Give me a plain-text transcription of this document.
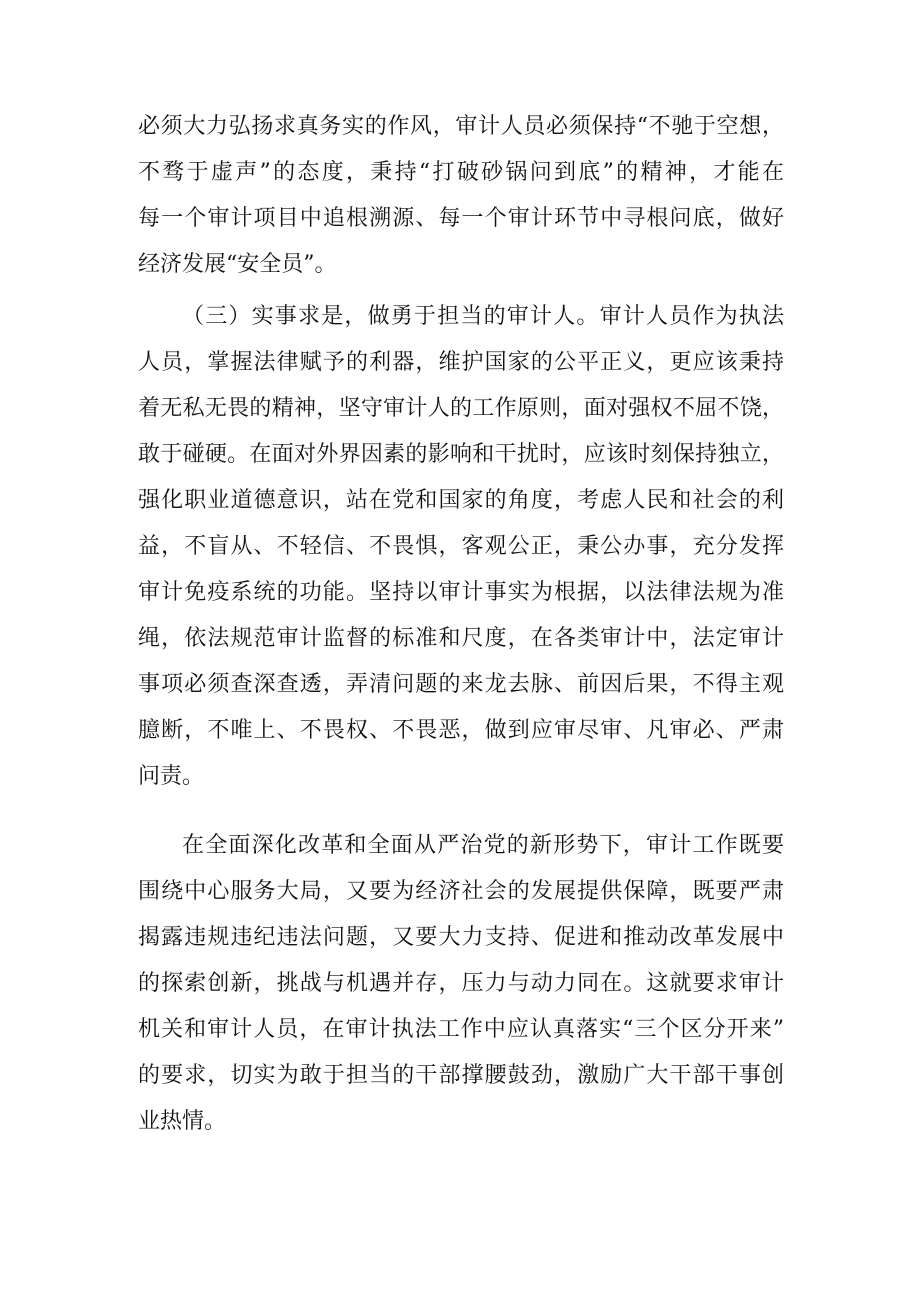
必须大力弘扬求真务实的作风，审计人员必须保持“不驰于空想，
不骛于虚声”的态度，秉持“打破砂锅问到底”的精神，才能在
每一个审计项目中追根溯源、每一个审计环节中寻根问底，做好
经济发展“安全员”。
（三）实事求是，做勇于担当的审计人。审计人员作为执法
人员，掌握法律赋予的利器，维护国家的公平正义，更应该秉持
着无私无畏的精神，坚守审计人的工作原则，面对强权不屈不饶，
敢于碰硬。在面对外界因素的影响和干扰时，应该时刻保持独立，
强化职业道德意识，站在党和国家的角度，考虑人民和社会的利
益，不盲从、不轻信、不畏惧，客观公正，秉公办事，充分发挥
审计免疫系统的功能。坚持以审计事实为根据，以法律法规为准
绳，依法规范审计监督的标准和尺度，在各类审计中，法定审计
事项必须查深查透，弄清问题的来龙去脉、前因后果，不得主观
臆断，不唯上、不畏权、不畏恶，做到应审尽审、凡审必、严肃
问责。
在全面深化改革和全面从严治党的新形势下，审计工作既要
围绕中心服务大局，又要为经济社会的发展提供保障，既要严肃
揭露违规违纪违法问题，又要大力支持、促进和推动改革发展中
的探索创新，挑战与机遇并存，压力与动力同在。这就要求审计
机关和审计人员，在审计执法工作中应认真落实“三个区分开来”
的要求，切实为敢于担当的干部撑腰鼓劲，激励广大干部干事创
业热情。
